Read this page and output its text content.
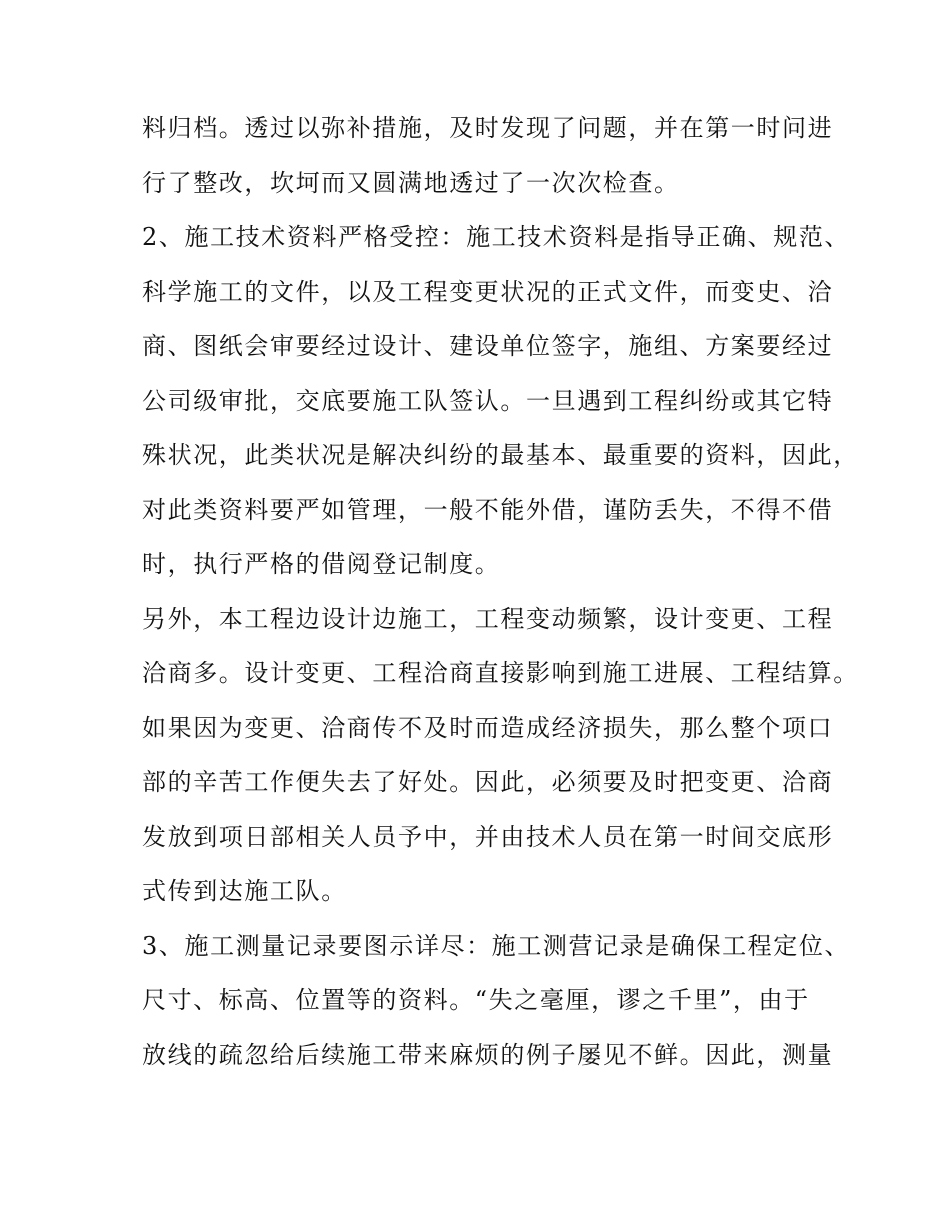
料归档。透过以弥补措施，及时发现了问题，并在第一时问进
行了整改，坎坷而又圆满地透过了一次次检查。
2、施工技术资料严格受控：施工技术资料是指导正确、规范、
科学施工的文件，以及工程变更状况的正式文件，而变史、洽
商、图纸会审要经过设计、建设单位签字，施组、方案要经过
公司级审批，交底要施工队签认。一旦遇到工程纠纷或其它特
殊状况，此类状况是解决纠纷的最基本、最重要的资料，因此，
对此类资料要严如管理，一般不能外借，谨防丢失，不得不借
时，执行严格的借阅登记制度。
另外，本工程边设计边施工，工程变动频繁，设计变更、工程
洽商多。设计变更、工程洽商直接影响到施工进展、工程结算。
如果因为变更、洽商传不及时而造成经济损失，那么整个项口
部的辛苦工作便失去了好处。因此，必须要及时把变更、洽商
发放到项日部相关人员予中，并由技术人员在第一时间交底形
式传到达施工队。
3、施工测量记录要图示详尽：施工测营记录是确保工程定位、
尺寸、标高、位置等的资料。“失之毫厘，谬之千里”，由于
放线的疏忽给后续施工带来麻烦的例子屡见不鲜。因此，测量
